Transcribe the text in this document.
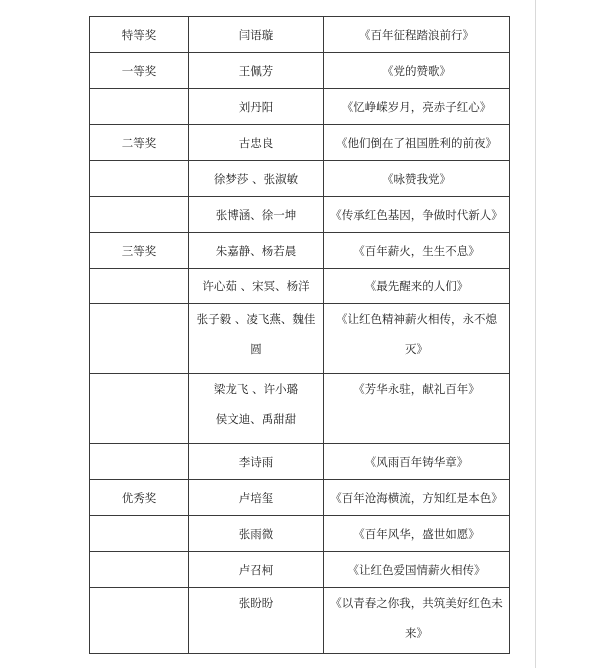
特等奖	闫语璇	《百年征程踏浪前行》
一等奖	王佩芳	《党的赞歌》
	刘丹阳	《忆峥嵘岁月，亮赤子红心》
二等奖	古忠良	《他们倒在了祖国胜利的前夜》
	徐梦莎 、张淑敏	《咏赞我党》
	张博涵、徐一坤	《传承红色基因，争做时代新人》
三等奖	朱嘉静、杨若晨	《百年薪火，生生不息》
	许心茹 、宋冥、杨洋	《最先醒来的人们》

	张子毅 、凌飞燕、魏佳
圆	《让红色精神薪火相传，永不熄灭》

	梁龙飞 、许小璐
侯文迪、禹甜甜	《芳华永驻，献礼百年》
	李诗雨	《风雨百年铸华章》
优秀奖	卢培玺	《百年沧海横流，方知红是本色》
	张雨微	《百年风华，盛世如愿》
	卢召柯	《让红色爱国情薪火相传》
	张盼盼	《以青春之你我，共筑美好红色未
来》
